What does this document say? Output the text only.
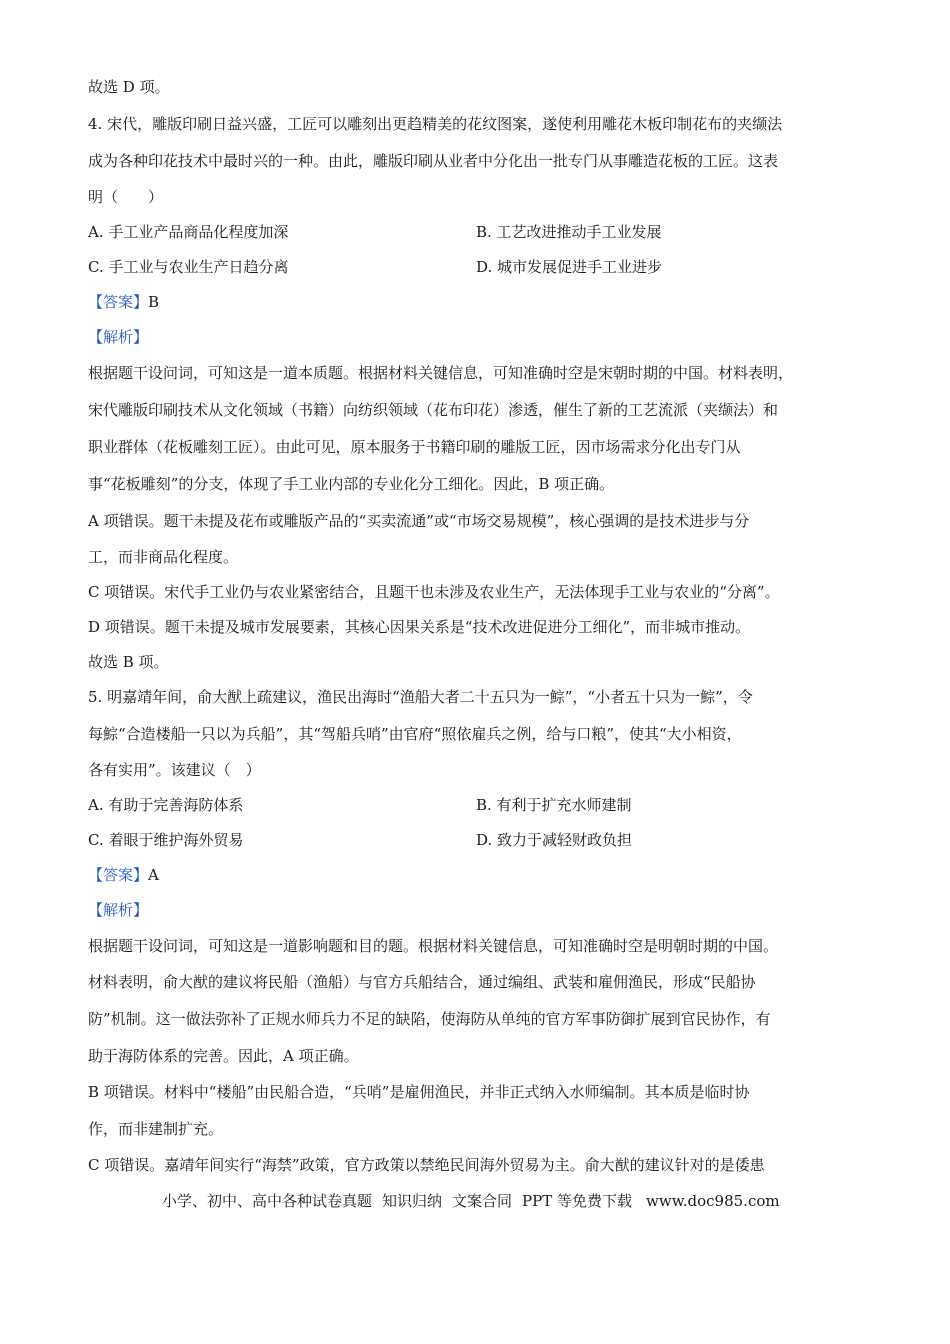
故选 D 项。
4. 宋代，雕版印刷日益兴盛，工匠可以雕刻出更趋精美的花纹图案，遂使利用雕花木板印制花布的夹缬法
成为各种印花技术中最时兴的一种。由此，雕版印刷从业者中分化出一批专门从事雕造花板的工匠。这表
明（　　）
A. 手工业产品商品化程度加深	B. 工艺改进推动手工业发展
C. 手工业与农业生产日趋分离	D. 城市发展促进手工业进步
【答案】B
【解析】
根据题干设问词，可知这是一道本质题。根据材料关键信息，可知准确时空是宋朝时期的中国。材料表明，
宋代雕版印刷技术从文化领域（书籍）向纺织领域（花布印花）渗透，催生了新的工艺流派（夹缬法）和
职业群体（花板雕刻工匠）。由此可见，原本服务于书籍印刷的雕版工匠，因市场需求分化出专门从
事“花板雕刻”的分支，体现了手工业内部的专业化分工细化。因此，B 项正确。
A 项错误。题干未提及花布或雕版产品的“买卖流通”或“市场交易规模”，核心强调的是技术进步与分
工，而非商品化程度。
C 项错误。宋代手工业仍与农业紧密结合，且题干也未涉及农业生产，无法体现手工业与农业的“分离”。
D 项错误。题干未提及城市发展要素，其核心因果关系是“技术改进促进分工细化”，而非城市推动。
故选 B 项。
5. 明嘉靖年间，俞大猷上疏建议，渔民出海时“渔船大者二十五只为一鯮”，“小者五十只为一鯮”，令
每鯮“合造楼船一只以为兵船”，其“驾船兵哨”由官府“照依雇兵之例，给与口粮”，使其“大小相资，
各有实用”。该建议（　）
A. 有助于完善海防体系	B. 有利于扩充水师建制
C. 着眼于维护海外贸易	D. 致力于减轻财政负担
【答案】A
【解析】
根据题干设问词，可知这是一道影响题和目的题。根据材料关键信息，可知准确时空是明朝时期的中国。
材料表明，俞大猷的建议将民船（渔船）与官方兵船结合，通过编组、武装和雇佣渔民，形成“民船协
防”机制。这一做法弥补了正规水师兵力不足的缺陷，使海防从单纯的官方军事防御扩展到官民协作，有
助于海防体系的完善。因此，A 项正确。
B 项错误。材料中“楼船”由民船合造，“兵哨”是雇佣渔民，并非正式纳入水师编制。其本质是临时协
作，而非建制扩充。
C 项错误。嘉靖年间实行“海禁”政策，官方政策以禁绝民间海外贸易为主。俞大猷的建议针对的是倭患
小学、初中、高中各种试卷真题 知识归纳 文案合同 PPT 等免费下载 www.doc985.com
